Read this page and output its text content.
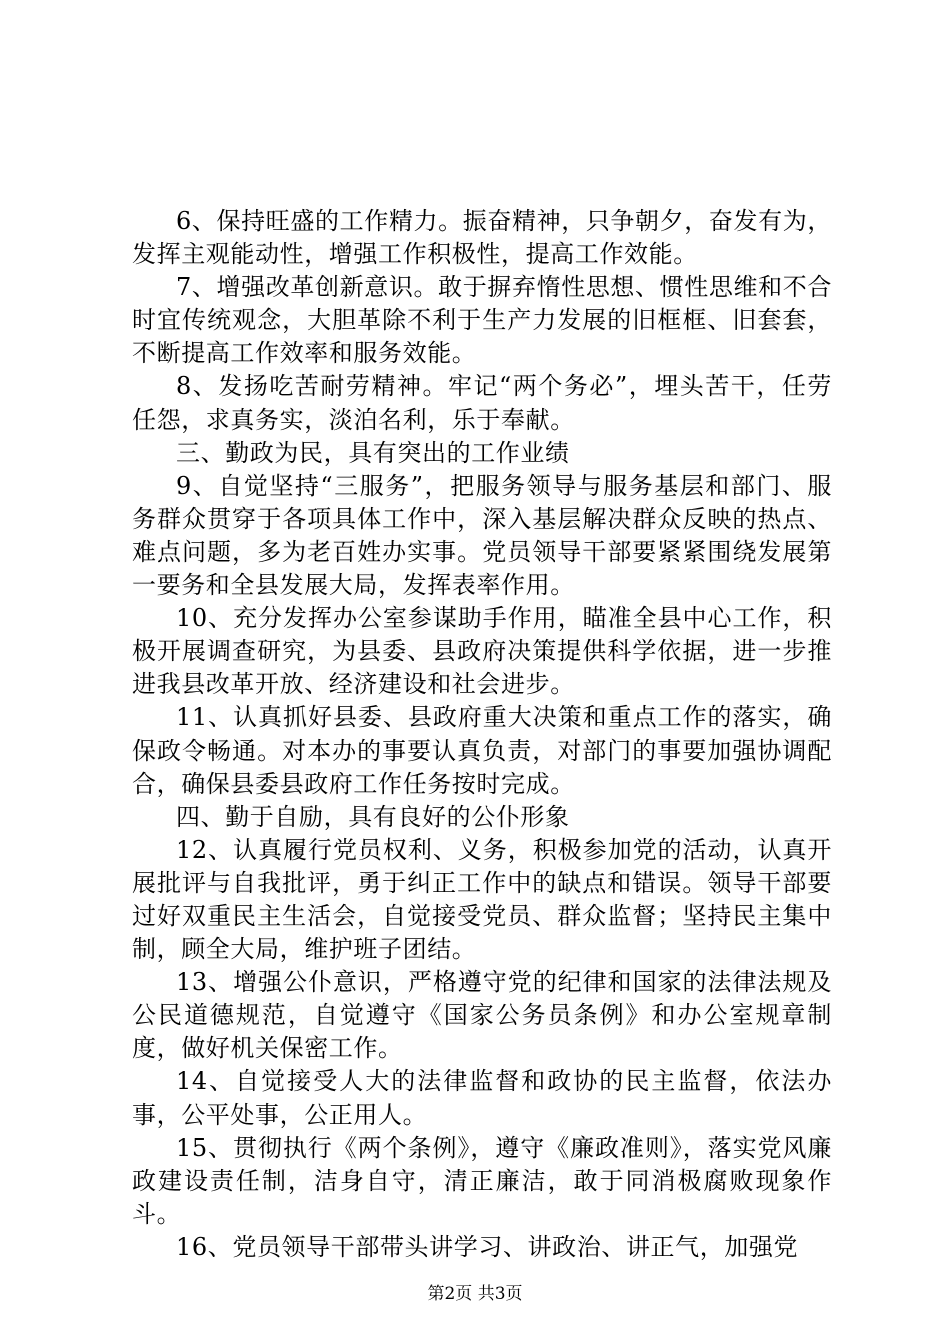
6、保持旺盛的工作精力。振奋精神，只争朝夕，奋发有为，发挥主观能动性，增强工作积极性，提高工作效能。

7、增强改革创新意识。敢于摒弃惰性思想、惯性思维和不合时宜传统观念，大胆革除不利于生产力发展的旧框框、旧套套，不断提高工作效率和服务效能。

8、发扬吃苦耐劳精神。牢记“两个务必”，埋头苦干，任劳任怨，求真务实，淡泊名利，乐于奉献。

三、勤政为民，具有突出的工作业绩

9、自觉坚持“三服务”，把服务领导与服务基层和部门、服务群众贯穿于各项具体工作中，深入基层解决群众反映的热点、难点问题，多为老百姓办实事。党员领导干部要紧紧围绕发展第一要务和全县发展大局，发挥表率作用。

10、充分发挥办公室参谋助手作用，瞄准全县中心工作，积极开展调查研究，为县委、县政府决策提供科学依据，进一步推进我县改革开放、经济建设和社会进步。

11、认真抓好县委、县政府重大决策和重点工作的落实，确保政令畅通。对本办的事要认真负责，对部门的事要加强协调配合，确保县委县政府工作任务按时完成。

四、勤于自励，具有良好的公仆形象

12、认真履行党员权利、义务，积极参加党的活动，认真开展批评与自我批评，勇于纠正工作中的缺点和错误。领导干部要过好双重民主生活会，自觉接受党员、群众监督；坚持民主集中制，顾全大局，维护班子团结。

13、增强公仆意识，严格遵守党的纪律和国家的法律法规及公民道德规范，自觉遵守《国家公务员条例》和办公室规章制度，做好机关保密工作。

14、自觉接受人大的法律监督和政协的民主监督，依法办事，公平处事，公正用人。

15、贯彻执行《两个条例》，遵守《廉政准则》，落实党风廉政建设责任制，洁身自守，清正廉洁，敢于同消极腐败现象作斗。

16、党员领导干部带头讲学习、讲政治、讲正气，加强党

第2页 共3页
